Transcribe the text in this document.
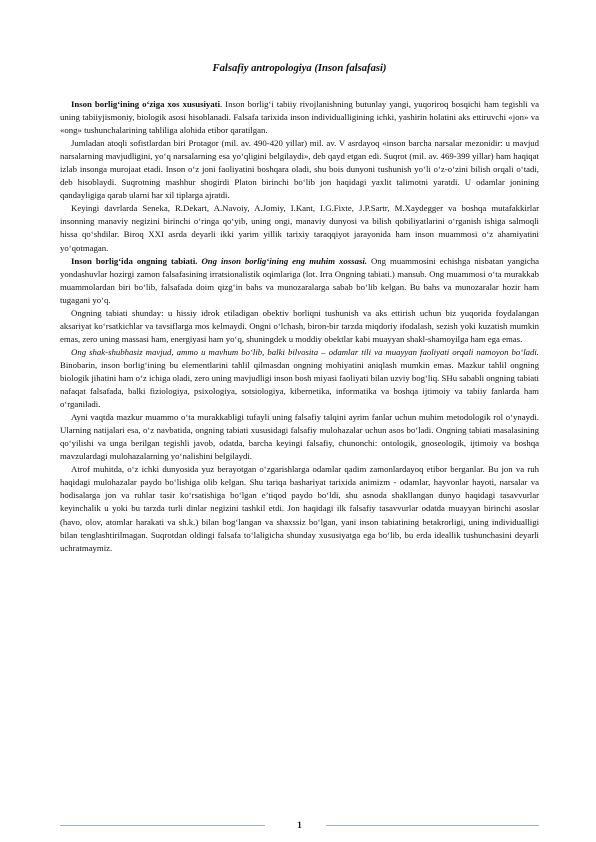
Falsafiy antropologiya (Inson falsafasi)

Inson borlig‘ining o‘ziga xos xususiyati. Inson borlig‘i tabiiy rivojlanishning butunlay yangi, yuqoriroq bosqichi ham tegishli va uning tabiiyjismoniy, biologik asosi hisoblanadi. Falsafa tarixida inson individualligining ichki, yashirin holatini aks ettiruvchi «jon» va «ong» tushunchalarining tahliliga alohida etibor qaratilgan.

Jumladan atoqli sofistlardan biri Protagor (mil. av. 490-420 yillar) mil. av. V asrdayoq «inson barcha narsalar mezonidir: u mavjud narsalarning mavjudligini, yo‘q narsalarning esa yo‘qligini belgilaydi», deb qayd etgan edi. Suqrot (mil. av. 469-399 yillar) ham haqiqat izlab insonga murojaat etadi. Inson o‘z joni faoliyatini boshqara oladi, shu bois dunyoni tushunish yo‘li o‘z-o‘zini bilish orqali o‘tadi, deb hisoblaydi. Suqrotning mashhur shogirdi Platon birinchi bo‘lib jon haqidagi yaxlit talimotni yaratdi. U odamlar jonining qandayligiga qarab ularni har xil tiplarga ajratdi.

Keyingi davrlarda Seneka, R.Dekart, A.Navoiy, A.Jomiy, I.Kant, I.G.Fixte, J.P.Sartr, M.Xaydegger va boshqa mutafakkirlar insonning manaviy negizini birinchi o‘ringa qo‘yib, uning ongi, manaviy dunyosi va bilish qobiliyatlarini o‘rganish ishiga salmoqli hissa qo‘shdilar. Biroq XXI asrda deyarli ikki yarim yillik tarixiy taraqqiyot jarayonida ham inson muammosi o‘z ahamiyatini yo‘qotmagan.

Inson borlig‘ida ongning tabiati. Ong inson borlig‘ining eng muhim xossasi. Ong muammosini echishga nisbatan yangicha yondashuvlar hozirgi zamon falsafasining irratsionalistik oqimlariga (lot. Irra Ongning tabiati.) mansub. Ong muammosi o‘ta murakkab muammolardan biri bo‘lib, falsafada doim qizg‘in bahs va munozaralarga sabab bo‘lib kelgan. Bu bahs va munozaralar hozir ham tugagani yo‘q.

Ongning tabiati shunday: u hissiy idrok etiladigan obektiv borliqni tushunish va aks ettirish uchun biz yuqorida foydalangan aksariyat ko‘rsatkichlar va tavsiflarga mos kelmaydi. Ongni o‘lchash, biron-bir tarzda miqdoriy ifodalash, sezish yoki kuzatish mumkin emas, zero uning massasi ham, energiyasi ham yo‘q, shuningdek u moddiy obektlar kabi muayyan shakl-shamoyilga ham ega emas.

Ong shak-shubhasiz mavjud, ammo u mavhum bo‘lib, balki bilvosita – odamlar tili va muayyan faoliyati orqali namoyon bo‘ladi. Binobarin, inson borlig‘ining bu elementlarini tahlil qilmasdan ongning mohiyatini aniqlash mumkin emas. Mazkur tahlil ongning biologik jihatini ham o‘z ichiga oladi, zero uning mavjudligi inson bosh miyasi faoliyati bilan uzviy bog‘liq. SHu sababli ongning tabiati nafaqat falsafada, balki fiziologiya, psixologiya, sotsiologiya, kibernetika, informatika va boshqa ijtimoiy va tabiiy fanlarda ham o‘rganiladi.

Ayni vaqtda mazkur muammo o‘ta murakkabligi tufayli uning falsafiy talqini ayrim fanlar uchun muhim metodologik rol o‘ynaydi. Ularning natijalari esa, o‘z navbatida, ongning tabiati xususidagi falsafiy mulohazalar uchun asos bo‘ladi. Ongning tabiati masalasining qo‘yilishi va unga berilgan tegishli javob, odatda, barcha keyingi falsafiy, chunonchi: ontologik, gnoseologik, ijtimoiy va boshqa mavzulardagi mulohazalarning yo‘nalishini belgilaydi.

Atrof muhitda, o‘z ichki dunyosida yuz berayotgan o‘zgarishlarga odamlar qadim zamonlardayoq etibor berganlar. Bu jon va ruh haqidagi mulohazalar paydo bo‘lishiga olib kelgan. Shu tariqa bashariyat tarixida animizm - odamlar, hayvonlar hayoti, narsalar va hodisalarga jon va ruhlar tasir ko‘rsatishiga bo‘lgan e’tiqod paydo bo‘ldi, shu asnoda shakllangan dunyo haqidagi tasavvurlar keyinchalik u yoki bu tarzda turli dinlar negizini tashkil etdi. Jon haqidagi ilk falsafiy tasavvurlar odatda muayyan birinchi asoslar (havo, olov, atomlar harakati va sh.k.) bilan bog‘langan va shaxssiz bo‘lgan, yani inson tabiatining betakrorligi, uning individualligi bilan tenglashtirilmagan. Suqrotdan oldingi falsafa to‘laligicha shunday xususiyatga ega bo‘lib, bu erda ideallik tushunchasini deyarli uchratmaymiz.

1
